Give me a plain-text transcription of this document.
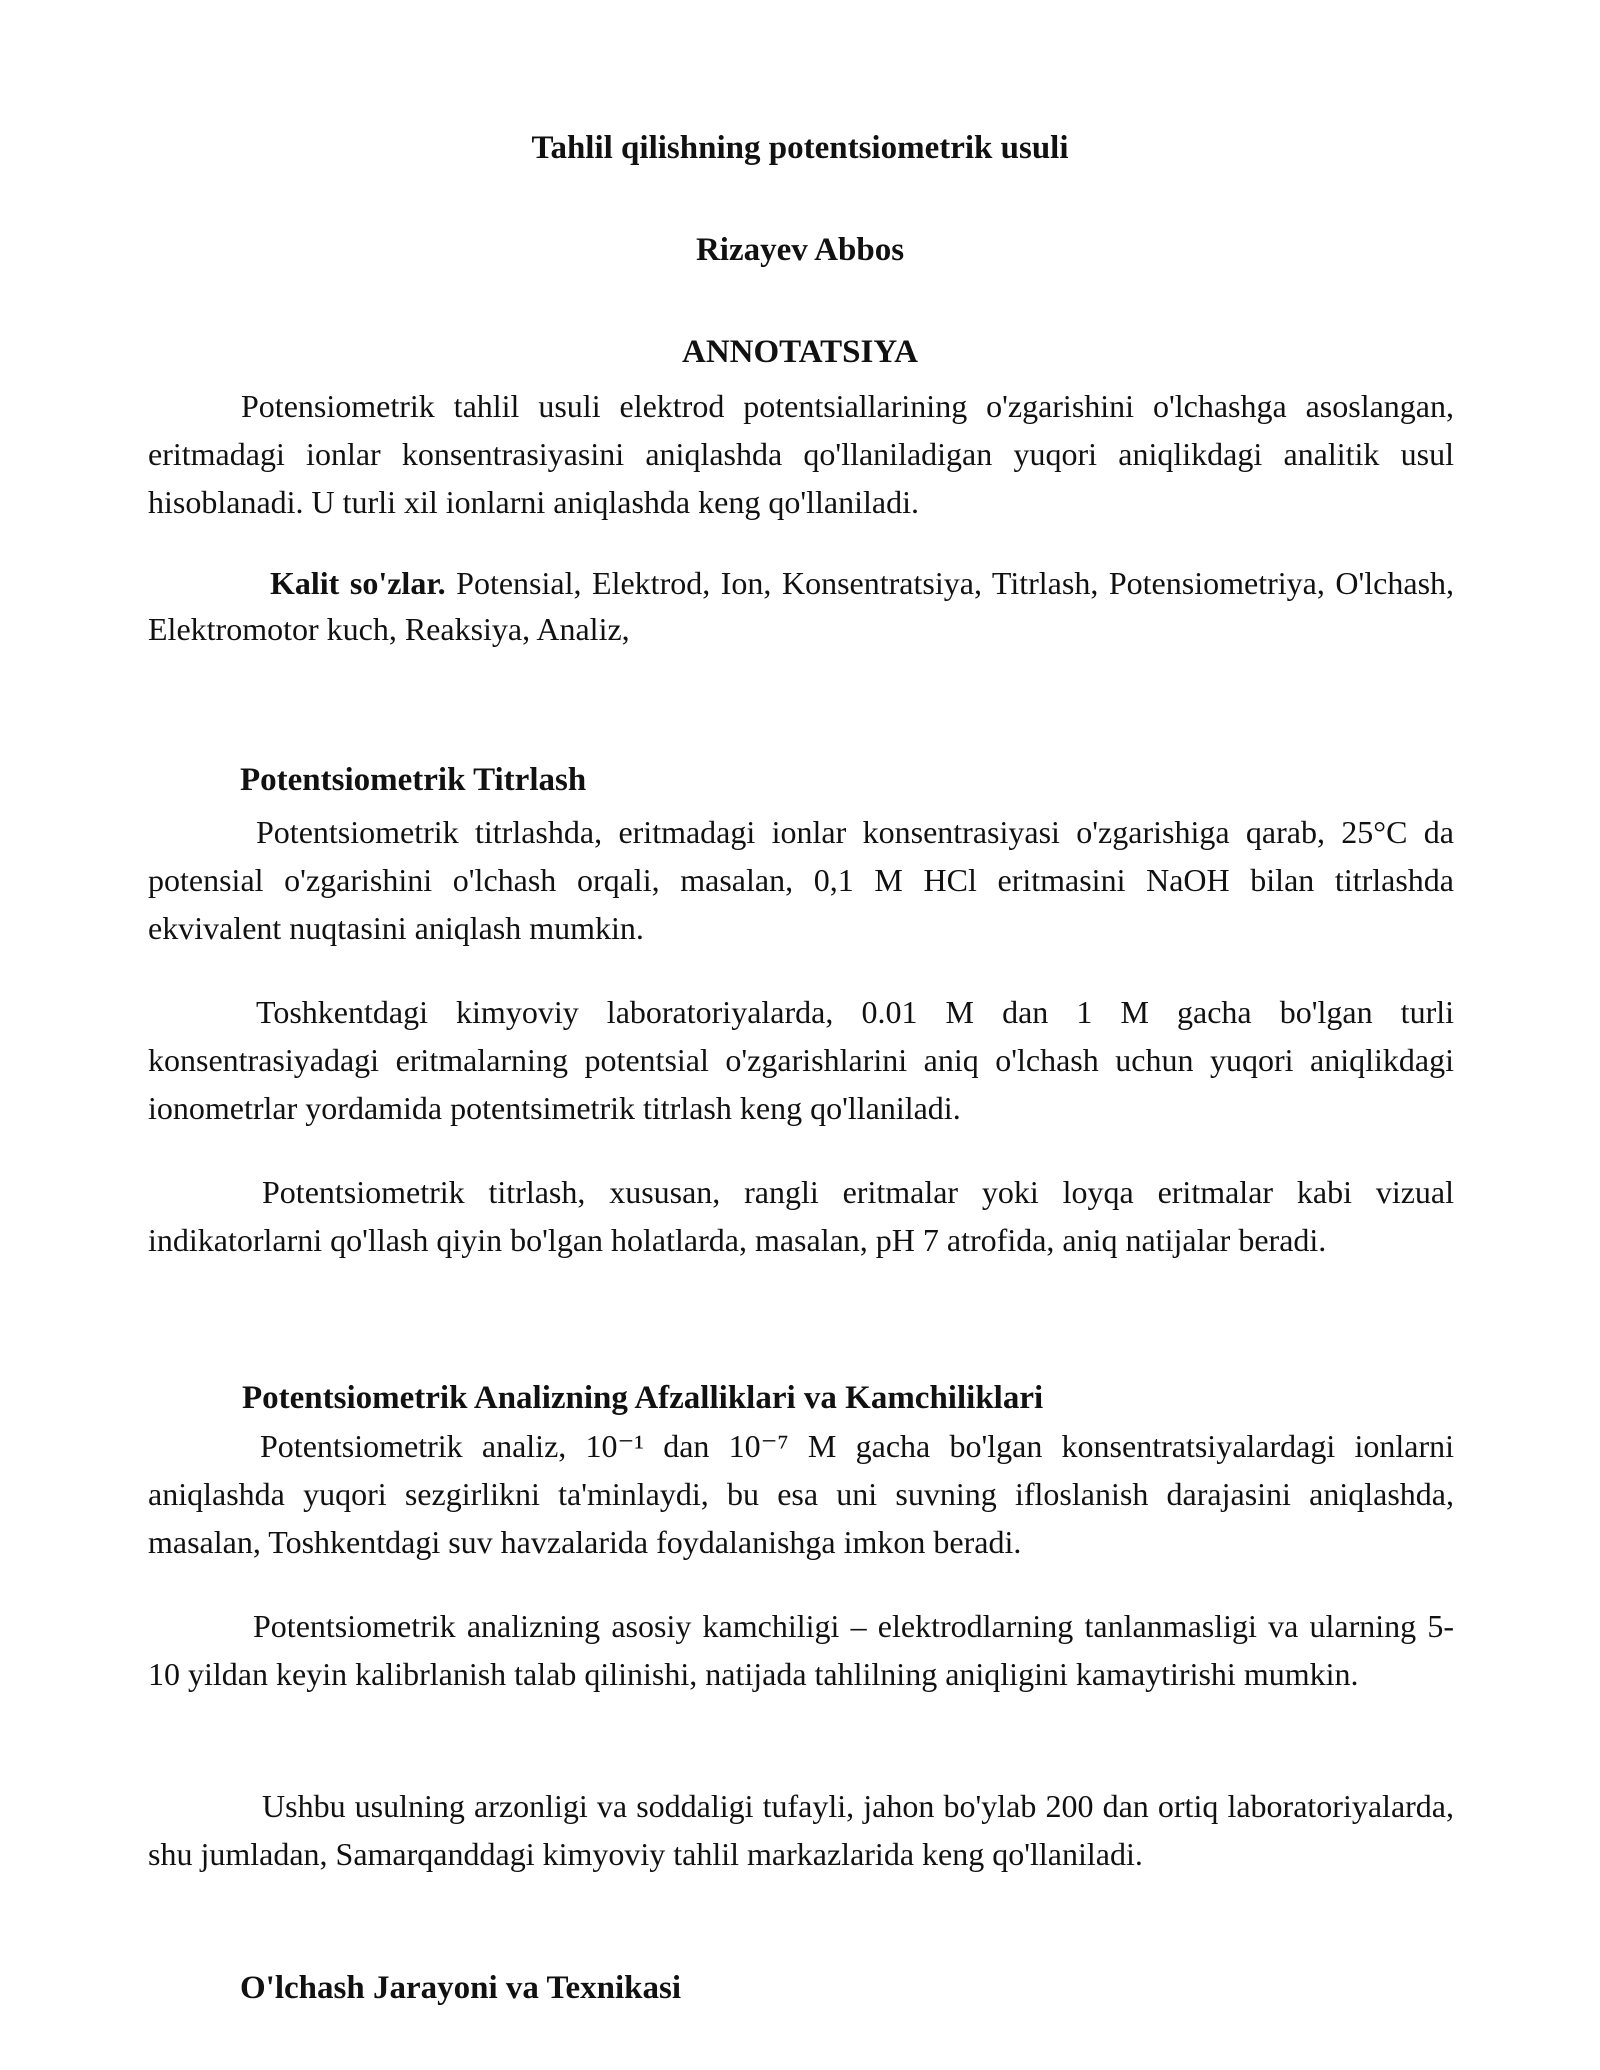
Tahlil qilishning potentsiometrik usuli
Rizayev Abbos
ANNOTATSIYA

Potensiometrik tahlil usuli elektrod potentsiallarining o'zgarishini o'lchashga asoslangan, eritmadagi ionlar konsentrasiyasini aniqlashda qo'llaniladigan yuqori aniqlikdagi analitik usul hisoblanadi. U turli xil ionlarni aniqlashda keng qo'llaniladi.

Kalit so'zlar. Potensial, Elektrod, Ion, Konsentratsiya, Titrlash, Potensiometriya, O'lchash, Elektromotor kuch, Reaksiya, Analiz,

Potentsiometrik Titrlash

Potentsiometrik titrlashda, eritmadagi ionlar konsentrasiyasi o'zgarishiga qarab, 25°C da potensial o'zgarishini o'lchash orqali, masalan, 0,1 M HCl eritmasini NaOH bilan titrlashda ekvivalent nuqtasini aniqlash mumkin.

Toshkentdagi kimyoviy laboratoriyalarda, 0.01 M dan 1 M gacha bo'lgan turli konsentrasiyadagi eritmalarning potentsial o'zgarishlarini aniq o'lchash uchun yuqori aniqlikdagi ionometrlar yordamida potentsimetrik titrlash keng qo'llaniladi.

Potentsiometrik titrlash, xususan, rangli eritmalar yoki loyqa eritmalar kabi vizual indikatorlarni qo'llash qiyin bo'lgan holatlarda, masalan, pH 7 atrofida, aniq natijalar beradi.

Potentsiometrik Analizning Afzalliklari va Kamchiliklari

Potentsiometrik analiz, 10⁻¹ dan 10⁻⁷ M gacha bo'lgan konsentratsiyalardagi ionlarni aniqlashda yuqori sezgirlikni ta'minlaydi, bu esa uni suvning ifloslanish darajasini aniqlashda, masalan, Toshkentdagi suv havzalarida foydalanishga imkon beradi.

Potentsiometrik analizning asosiy kamchiligi – elektrodlarning tanlanmasligi va ularning 5-10 yildan keyin kalibrlanish talab qilinishi, natijada tahlilning aniqligini kamaytirishi mumkin.

Ushbu usulning arzonligi va soddaligi tufayli, jahon bo'ylab 200 dan ortiq laboratoriyalarda, shu jumladan, Samarqanddagi kimyoviy tahlil markazlarida keng qo'llaniladi.

O'lchash Jarayoni va Texnikasi
